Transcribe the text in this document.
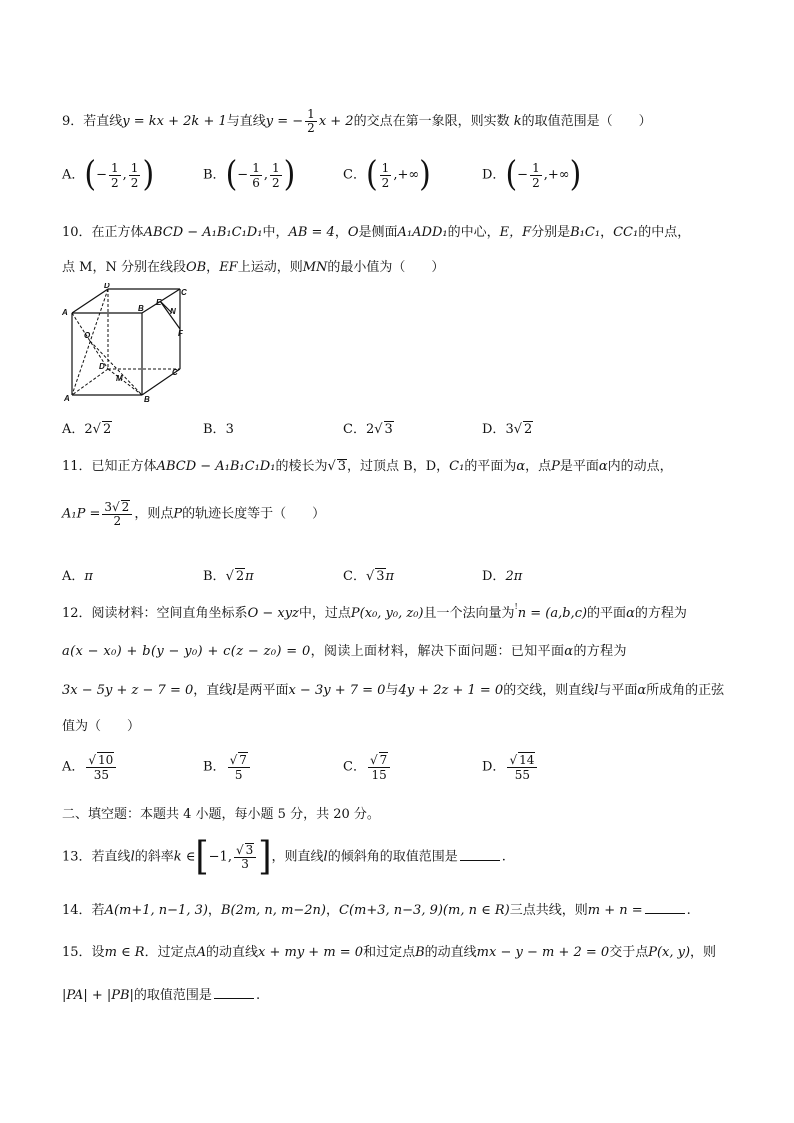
9．若直线y = kx + 2k + 1与直线y = − $\frac{1}{2}$ x + 2的交点在第一象限，则实数 k的取值范围是（　　）
A．(− $\frac{1}{2}$ , $\frac{1}{2}$ )	B．(− $\frac{1}{6}$ , $\frac{1}{2}$ )	C．( $\frac{1}{2}$ ,+∞)	D．(− $\frac{1}{2}$ ,+∞)
10．在正方体ABCD − A₁B₁C₁D₁中，AB = 4，O是侧面A₁ADD₁的中心，E，F分别是B₁C₁，CC₁的中点，
点 M，N 分别在线段OB，EF上运动，则MN的最小值为（　　）
D
C
A	B
E
N
O	F
D
M
C
A	B
A．2 √ 2	B．3	C．2 √ 3	D．3 √ 2
11．已知正方体ABCD − A₁B₁C₁D₁的棱长为 √ 3，过顶点 B，D，C₁的平面为α，点P是平面α内的动点，
$A_1P = \frac{3 √ 2}{2}$ ，则点P的轨迹长度等于（　　）
A．π	B． √ 2π	C． √ 3π	D．2π
12．阅读材料：空间直角坐标系O − xyz中，过点P(x₀, y₀, z₀)且一个法向量为!n = (a,b,c)的平面α的方程为
a(x − x₀) + b(y − y₀) + c(z − z₀) = 0，阅读上面材料，解决下面问题：已知平面α的方程为
3x − 5y + z − 7 = 0，直线l是两平面x − 3y + 7 = 0与4y + 2z + 1 = 0的交线，则直线l与平面α所成角的正弦
值为（　　）
A． √ $\frac{10}{35}$	B． √ $\frac{7}{5}$	C． √ $\frac{7}{15}$	D． √ $\frac{14}{55}$
二、填空题：本题共 4 小题，每小题 5 分，共 20 分。
13．若直线l的斜率k ∈[−1, √ $\frac{3}{3}$ ]，则直线l的倾斜角的取值范围是	.
14．若A(m+1, n−1, 3)，B(2m, n, m−2n)，C(m+3, n−3, 9)(m, n ∈ R)三点共线，则m + n =	.
15．设m ∈ R．过定点A的动直线x + my + m = 0和过定点B的动直线mx − y − m + 2 = 0交于点P(x, y)，则
|PA| + |PB|的取值范围是	.
